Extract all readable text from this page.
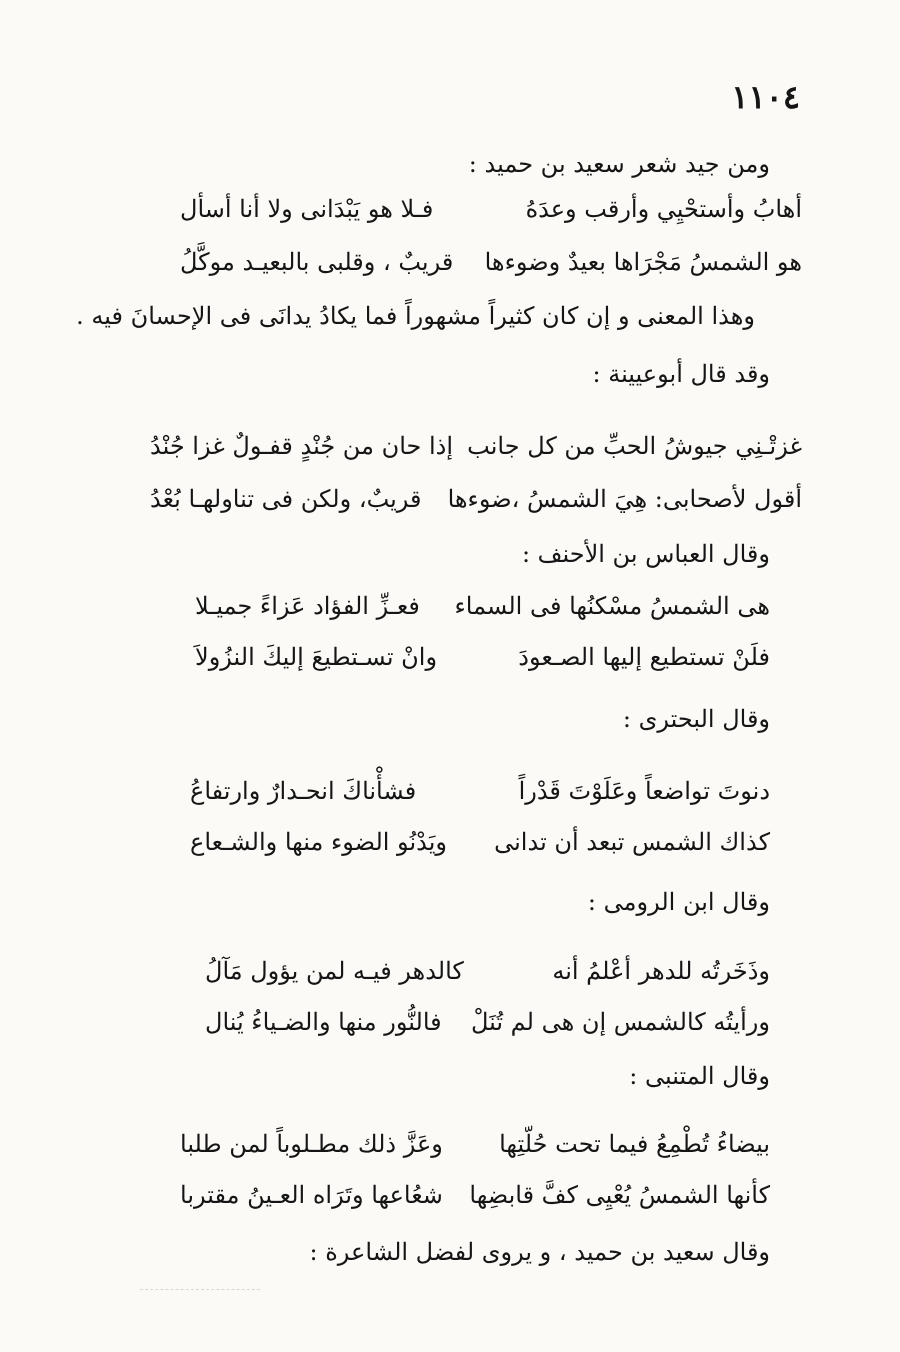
١١٠٤
ومن جيد شعر سعيد بن حميد :
أهابُ وأستحْيِي وأرقب وعدَهُ
فـلا هو يَبْدَانى ولا أنا أسأل
هو الشمسُ مَجْرَاها بعيدٌ وضوءها
قريبٌ ، وقلبى بالبعيـد موكَّلُ
وهذا المعنى و إن كان كثيراً مشهوراً فما يكادُ يدانَى فى الإحسانَ فيه .
وقد قال أبوعيينة :
غزتْـنِي جيوشُ الحبِّ من كل جانب
إذا حان من جُنْدٍ قفـولٌ غزا جُنْدُ
أقول لأصحابى: هِيَ الشمسُ ،ضوءها
قريبٌ، ولكن فى تناولهـا بُعْدُ
وقال العباس بن الأحنف :
هى الشمسُ مسْكنُها فى السماء
فعـزِّ الفؤاد عَزاءً جميـلا
فلَنْ تستطيع إليها الصـعودَ
وانْ تسـتطيعَ إليكَ النزُولاَ
وقال البحترى :
دنوتَ تواضعاً وعَلَوْتَ قَدْراً
فشأْناكَ انحـدارٌ وارتفاعُ
كذاك الشمس تبعد أن تدانى
ويَدْنُو الضوء منها والشـعاع
وقال ابن الرومى :
وذَخَرتُه للدهر أعْلمُ أنه
كالدهر فيـه لمن يؤول مَآلُ
ورأيتُه كالشمس إن هى لم تُنَلْ
فالنُّور منها والضـياءُ يُنال
وقال المتنبى :
بيضاءُ تُطْمِعُ فيما تحت حُلّتِها
وعَزَّ ذلك مطـلوباً لمن طلبا
كأنها الشمسُ يُعْيِى كفَّ قابضِها
شعُاعها وتَرَاه العـينُ مقتربا
وقال سعيد بن حميد ، و يروى لفضل الشاعرة :
